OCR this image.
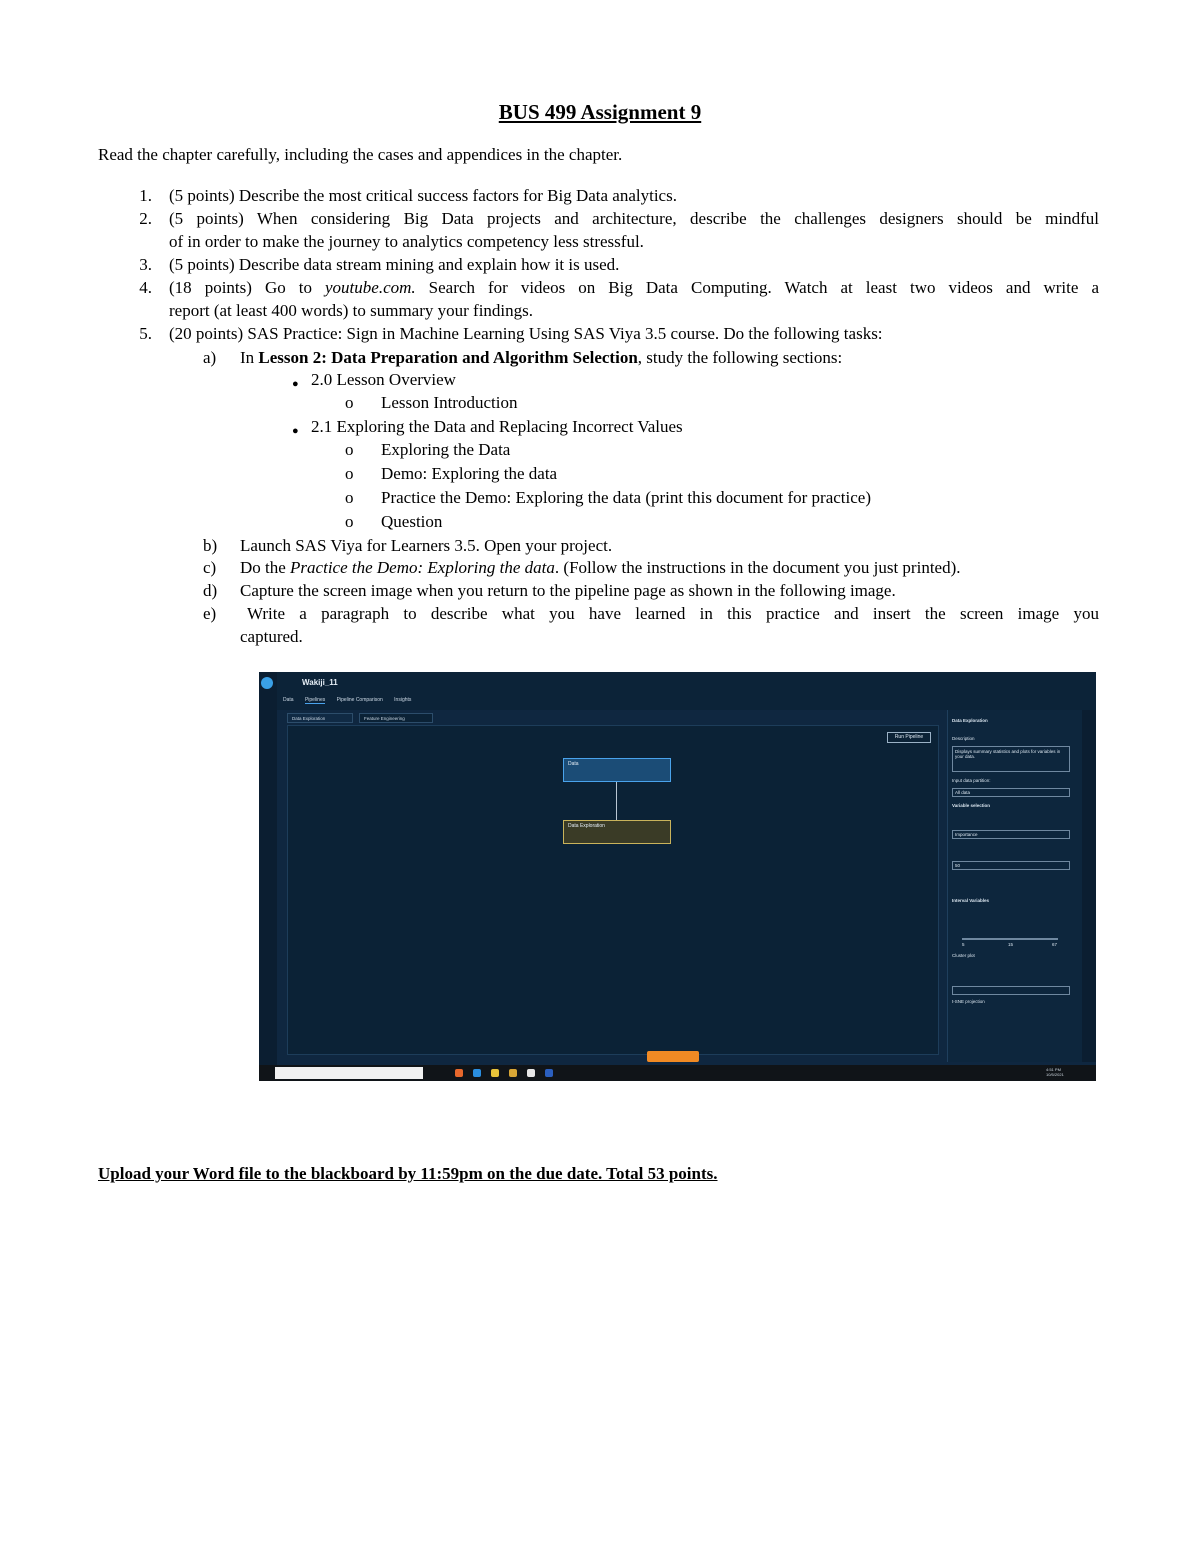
BUS 499 Assignment 9
Read the chapter carefully, including the cases and appendices in the chapter.
1. (5 points) Describe the most critical success factors for Big Data analytics.
2. (5 points) When considering Big Data projects and architecture, describe the challenges designers should be mindful
of in order to make the journey to analytics competency less stressful.
3. (5 points) Describe data stream mining and explain how it is used.
4. (18 points) Go to youtube.com. Search for videos on Big Data Computing. Watch at least two videos and write a
report (at least 400 words) to summary your findings.
5. (20 points) SAS Practice: Sign in Machine Learning Using SAS Viya 3.5 course. Do the following tasks:
a) In Lesson 2: Data Preparation and Algorithm Selection, study the following sections:
● 2.0 Lesson Overview
o Lesson Introduction
● 2.1 Exploring the Data and Replacing Incorrect Values
o Exploring the Data
o Demo: Exploring the data
o Practice the Demo: Exploring the data (print this document for practice)
o Question
b) Launch SAS Viya for Learners 3.5. Open your project.
c) Do the Practice the Demo: Exploring the data. (Follow the instructions in the document you just printed).
d) Capture the screen image when you return to the pipeline page as shown in the following image.
e) Write a paragraph to describe what you have learned in this practice and insert the screen image you
captured.
Wakiji_11
Data Pipelines Pipeline Comparison Insights
Data Exploration	Feature Engineering
Run Pipeline
Data
Data Exploration
Data Exploration
Description
Displays summary statistics and plots for variables in your data.
Input data partition:
All data
Variable selection
Importance
50
Interval Variables
5	15	67
Cluster plot
t-SNE projection
4:51 PM
10/5/2021
Upload your Word file to the blackboard by 11:59pm on the due date. Total 53 points.
